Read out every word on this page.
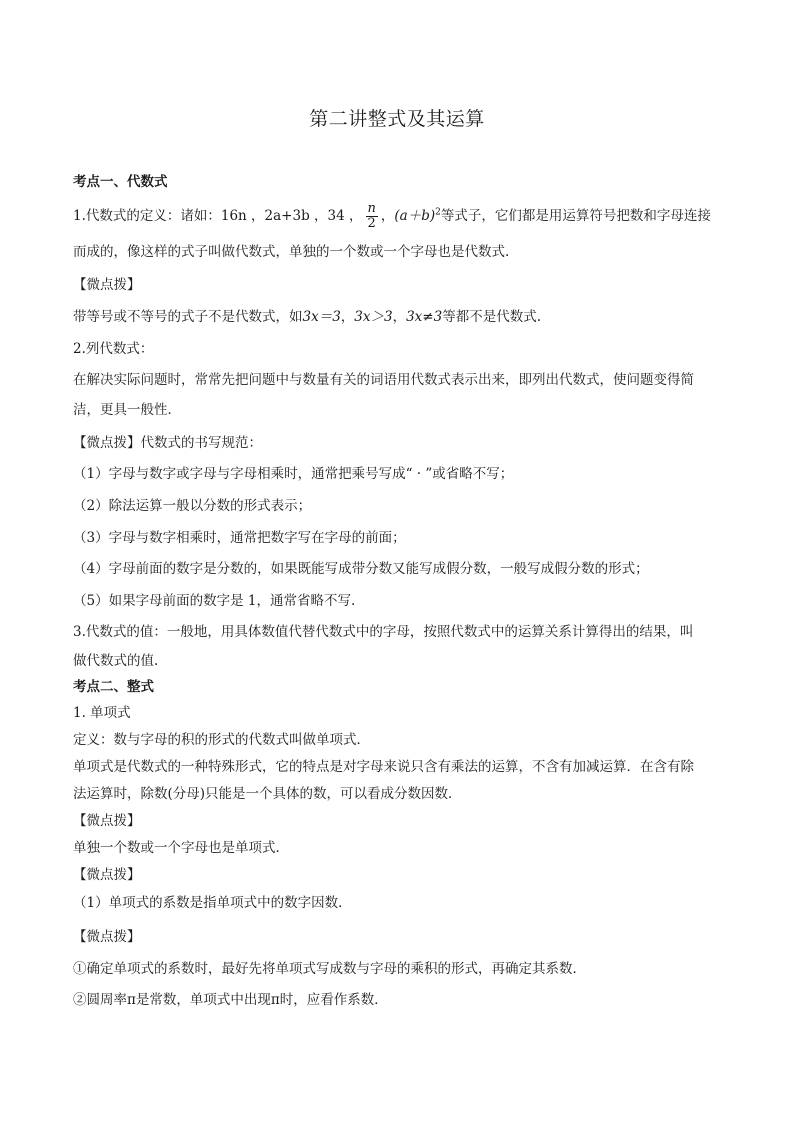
第二讲整式及其运算
考点一、代数式
1.代数式的定义：诸如：16n ，2a+3b ，34 ， $\frac{n}{2}$ ，$(a+b)^2$等式子，它们都是用运算符号把数和字母连接
而成的，像这样的式子叫做代数式，单独的一个数或一个字母也是代数式.
【微点拨】
带等号或不等号的式子不是代数式，如3x＝3，3x＞3，3x≠3等都不是代数式.
2.列代数式：
在解决实际问题时，常常先把问题中与数量有关的词语用代数式表示出来，即列出代数式，使问题变得简
洁，更具一般性．
【微点拨】代数式的书写规范：
（1）字母与数字或字母与字母相乘时，通常把乘号写成“ · ”或省略不写；
（2）除法运算一般以分数的形式表示；
（3）字母与数字相乘时，通常把数字写在字母的前面；
（4）字母前面的数字是分数的，如果既能写成带分数又能写成假分数，一般写成假分数的形式；
（5）如果字母前面的数字是 1，通常省略不写.
3.代数式的值：一般地，用具体数值代替代数式中的字母，按照代数式中的运算关系计算得出的结果，叫
做代数式的值.
考点二、整式
1. 单项式
定义：数与字母的积的形式的代数式叫做单项式．
单项式是代数式的一种特殊形式，它的特点是对字母来说只含有乘法的运算，不含有加减运算．在含有除
法运算时，除数(分母)只能是一个具体的数，可以看成分数因数．
【微点拨】
单独一个数或一个字母也是单项式．
【微点拨】
（1）单项式的系数是指单项式中的数字因数．
【微点拨】
①确定单项式的系数时，最好先将单项式写成数与字母的乘积的形式，再确定其系数．
②圆周率π是常数，单项式中出现π时，应看作系数．
